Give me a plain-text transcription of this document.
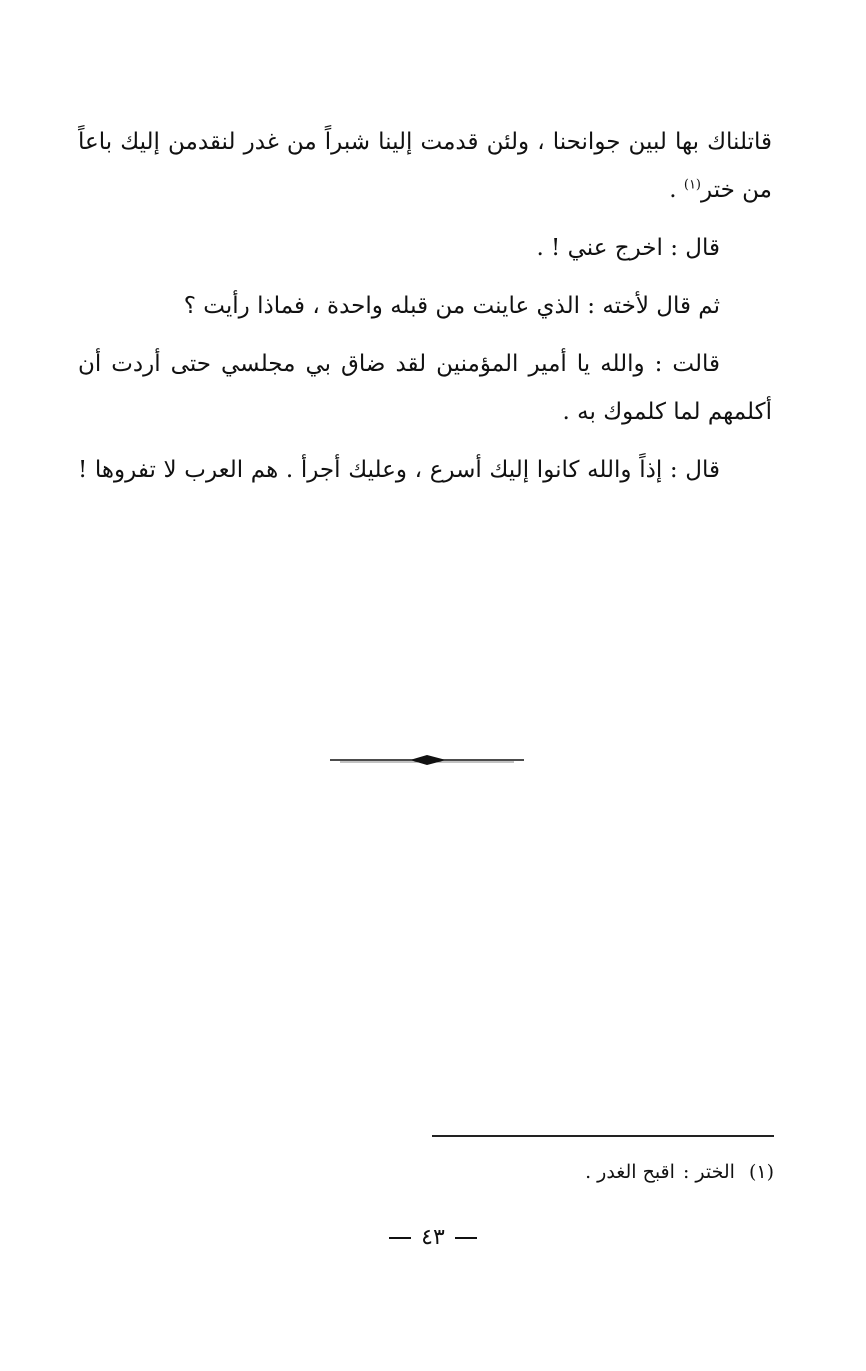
قاتلناك بها لبين جوانحنا ، ولئن قدمت إلينا شبراً من غدر لنقدمن إليك باعاً
من ختر$^{(١)}$ .
قال : اخرج عني ! .
ثم قال لأخته : الذي عاينت من قبله واحدة ، فماذا رأيت ؟
قالت : والله يا أمير المؤمنين لقد ضاق بي مجلسي حتى أردت أن
أكلمهم لما كلموك به .
قال : إذاً والله كانوا إليك أسرع ، وعليك أجرأ . هم العرب لا تفروها !
(١)الختر :اقبح الغدر .
٤٣
